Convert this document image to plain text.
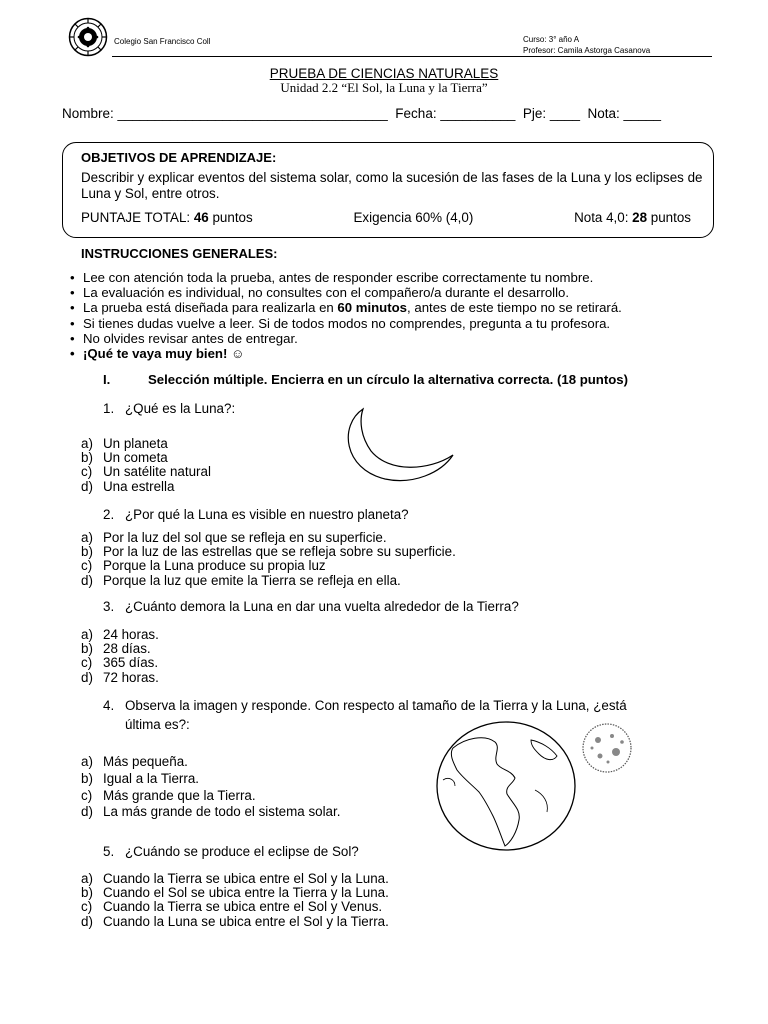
Colegio San Francisco Coll	Curso: 3° año A
Profesor: Camila Astorga Casanova
PRUEBA DE CIENCIAS NATURALES
Unidad 2.2 “El Sol, la Luna y la Tierra”
Nombre: ____________________________________  Fecha: __________  Pje: ____  Nota: _____
OBJETIVOS DE APRENDIZAJE:
Describir y explicar eventos del sistema solar, como la sucesión de las fases de la Luna y los eclipses de Luna y Sol, entre otros.
PUNTAJE TOTAL: 46 puntos	Exigencia 60% (4,0)	Nota 4,0: 28 puntos
INSTRUCCIONES GENERALES:
• Lee con atención toda la prueba, antes de responder escribe correctamente tu nombre.
• La evaluación es individual, no consultes con el compañero/a durante el desarrollo.
• La prueba está diseñada para realizarla en 60 minutos, antes de este tiempo no se retirará.
• Si tienes dudas vuelve a leer. Si de todos modos no comprendes, pregunta a tu profesora.
• No olvides revisar antes de entregar.
• ¡Qué te vaya muy bien! ☺
I.	Selección múltiple. Encierra en un círculo la alternativa correcta. (18 puntos)
1. ¿Qué es la Luna?:
a) Un planeta
b) Un cometa
c) Un satélite natural
d) Una estrella
2. ¿Por qué la Luna es visible en nuestro planeta?
a) Por la luz del sol que se refleja en su superficie.
b) Por la luz de las estrellas que se refleja sobre su superficie.
c) Porque la Luna produce su propia luz
d) Porque la luz que emite la Tierra se refleja en ella.
3. ¿Cuánto demora la Luna en dar una vuelta alrededor de la Tierra?
a) 24 horas.
b) 28 días.
c) 365 días.
d) 72 horas.
4. Observa la imagen y responde. Con respecto al tamaño de la Tierra y la Luna, ¿está
última es?:
a) Más pequeña.
b) Igual a la Tierra.
c) Más grande que la Tierra.
d) La más grande de todo el sistema solar.
5. ¿Cuándo se produce el eclipse de Sol?
a) Cuando la Tierra se ubica entre el Sol y la Luna.
b) Cuando el Sol se ubica entre la Tierra y la Luna.
c) Cuando la Tierra se ubica entre el Sol y Venus.
d) Cuando la Luna se ubica entre el Sol y la Tierra.
